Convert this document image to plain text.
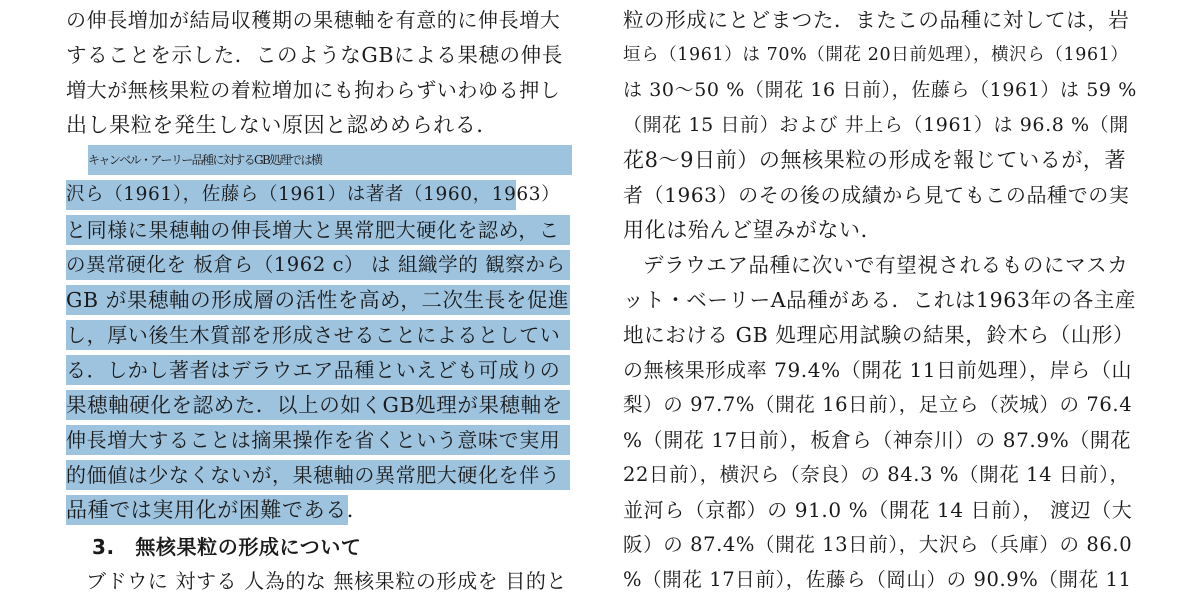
の伸長増加が結局収穫期の果穂軸を有意的に伸長増大
することを示した．このようなGBによる果穂の伸長
増大が無核果粒の着粒増加にも拘わらずいわゆる押し
出し果粒を発生しない原因と認めめられる．
キャンベル・アーリー品種に対するGB処理では横
沢ら（1961），佐藤ら（1961）は著者（1960，1963）
と同様に果穂軸の伸長増大と異常肥大硬化を認め，こ
の異常硬化を 板倉ら（1962 c） は 組織学的 観察から
GB が果穂軸の形成層の活性を高め，二次生長を促進
し，厚い後生木質部を形成させることによるとしてい
る．しかし著者はデラウエア品種といえども可成りの
果穂軸硬化を認めた．以上の如くGB処理が果穂軸を
伸長増大することは摘果操作を省くという意味で実用
的価値は少なくないが，果穂軸の異常肥大硬化を伴う
品種では実用化が困難である．
3.　無核果粒の形成について
ブドウに 対する 人為的な 無核果粒の形成を 目的と
粒の形成にとどまつた．またこの品種に対しては，岩
垣ら（1961）は 70%（開花 20日前処理），横沢ら（1961）
は 30〜50 %（開花 16 日前），佐藤ら（1961）は 59 %
（開花 15 日前）および 井上ら（1961）は 96.8 %（開
花8〜9日前）の無核果粒の形成を報じているが，著
者（1963）のその後の成績から見てもこの品種での実
用化は殆んど望みがない．
デラウエア品種に次いで有望視されるものにマスカ
ット・ベーリーA品種がある．これは1963年の各主産
地における GB 処理応用試験の結果，鈴木ら（山形）
の無核果形成率 79.4%（開花 11日前処理），岸ら（山
梨）の 97.7%（開花 16日前），足立ら（茨城）の 76.4
%（開花 17日前），板倉ら（神奈川）の 87.9%（開花
22日前），横沢ら（奈良）の 84.3 %（開花 14 日前），
並河ら（京都）の 91.0 %（開花 14 日前）， 渡辺（大
阪）の 87.4%（開花 13日前），大沢ら（兵庫）の 86.0
%（開花 17日前），佐藤ら（岡山）の 90.9%（開花 11
